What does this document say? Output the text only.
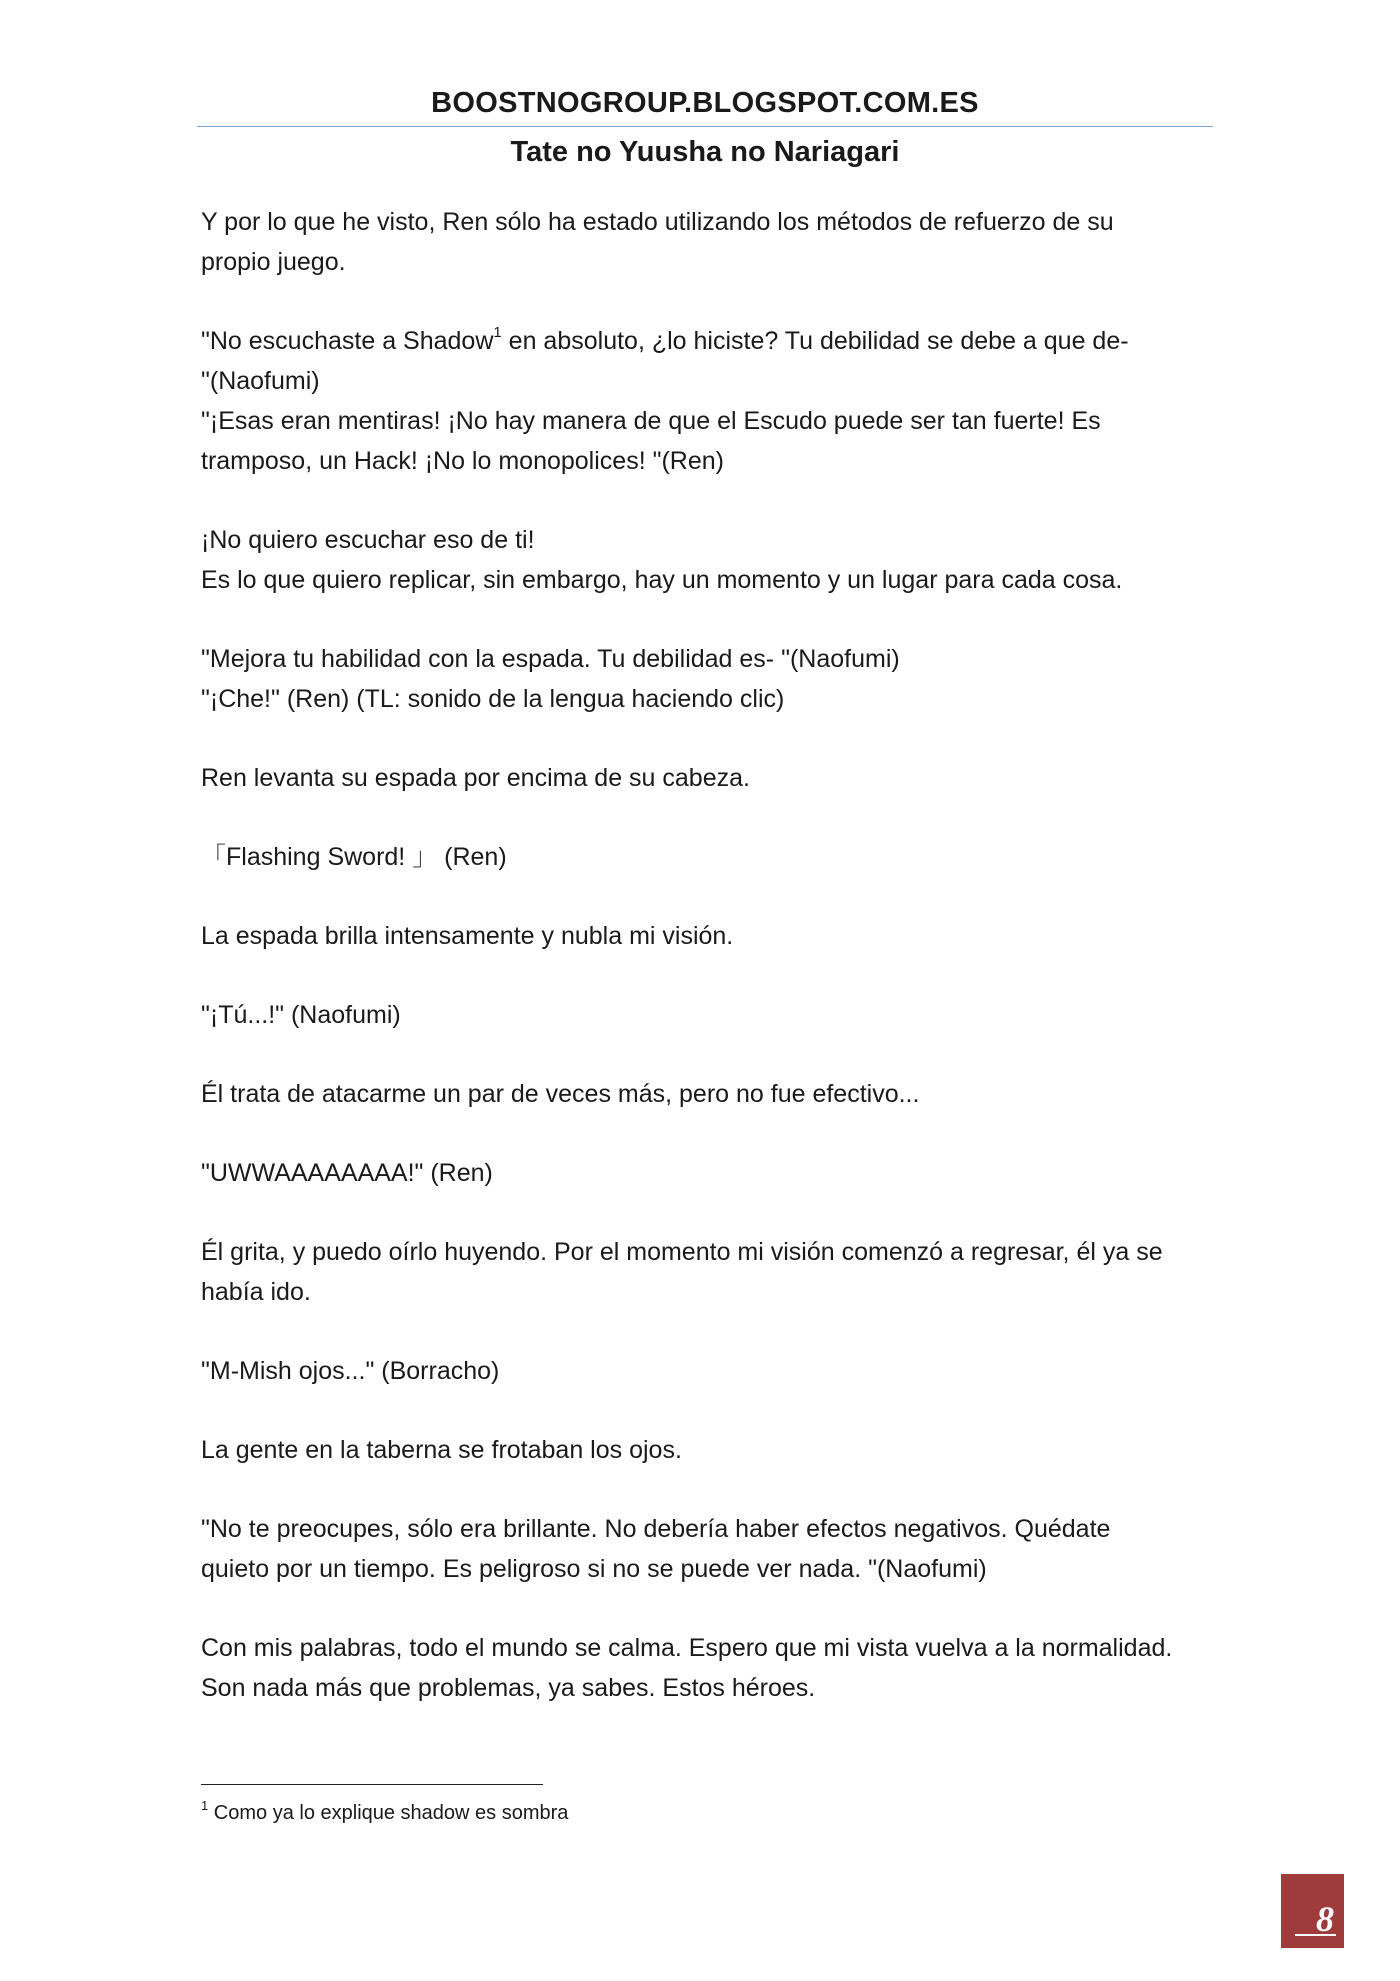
BOOSTNOGROUP.BLOGSPOT.COM.ES
Tate no Yuusha no Nariagari

Y por lo que he visto, Ren sólo ha estado utilizando los métodos de refuerzo de su
propio juego.

"No escuchaste a Shadow$^1$ en absoluto, ¿lo hiciste? Tu debilidad se debe a que de-
"(Naofumi)
"¡Esas eran mentiras! ¡No hay manera de que el Escudo puede ser tan fuerte! Es
tramposo, un Hack! ¡No lo monopolices! "(Ren)

¡No quiero escuchar eso de ti!
Es lo que quiero replicar, sin embargo, hay un momento y un lugar para cada cosa.

"Mejora tu habilidad con la espada. Tu debilidad es- "(Naofumi)
"¡Che!" (Ren) (TL: sonido de la lengua haciendo clic)

Ren levanta su espada por encima de su cabeza.

「Flashing Sword! 」 (Ren)

La espada brilla intensamente y nubla mi visión.

"¡Tú...!" (Naofumi)

Él trata de atacarme un par de veces más, pero no fue efectivo...

"UWWAAAAAAAA!" (Ren)

Él grita, y puedo oírlo huyendo. Por el momento mi visión comenzó a regresar, él ya se
había ido.

"M-Mish ojos..." (Borracho)

La gente en la taberna se frotaban los ojos.

"No te preocupes, sólo era brillante. No debería haber efectos negativos. Quédate
quieto por un tiempo. Es peligroso si no se puede ver nada. "(Naofumi)

Con mis palabras, todo el mundo se calma. Espero que mi vista vuelva a la normalidad.
Son nada más que problemas, ya sabes. Estos héroes.

$^1$ Como ya lo explique shadow es sombra
8
